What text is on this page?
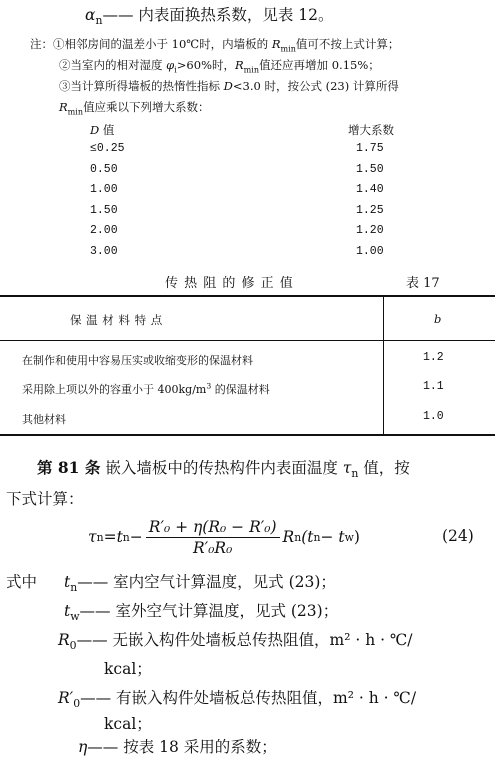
$\alpha_n——$ 内表面换热系数，见表 12。
注：①相邻房间的温差小于 10℃时，内墙板的 $R_{min}$值可不按上式计算；
②当室内的相对湿度 $\varphi_i>60\%$时，$R_{min}$值还应再增加 0.15%；
③当计算所得墙板的热惰性指标 D<3.0 时，按公式 (23) 计算所得
$R_{min}$值应乘以下列增大系数：
D 值	增大系数
≤0.25	1.75
0.50	1.50
1.00	1.40
1.50	1.25
2.00	1.20
3.00	1.00
传 热 阻 的 修 正 值	表 17
保 温 材 料 特 点	b
在制作和使用中容易压实或收缩变形的保温材料	1.2
采用除上项以外的容重小于 $400kg/m^3$ 的保温材料	1.1
其他材料	1.0
第 81 条 嵌入墙板中的传热构件内表面温度 $\tau_n$ 值，按
下式计算：
τ n = t $n - \frac{\text{R′₀ + η(R₀ − R′₀)}}{\text{R′₀R₀}}$ R n (t n − t w )	(24)
式中 $t_n——$ 室内空气计算温度，见式 (23)；
$t_w——$ 室外空气计算温度，见式 (23)；
$R_0——$ 无嵌入构件处墙板总传热阻值，m² · h · ℃/
kcal；
$R'_0——$ 有嵌入构件处墙板总传热阻值，m² · h · ℃/
kcal；
η—— 按表 18 采用的系数；
